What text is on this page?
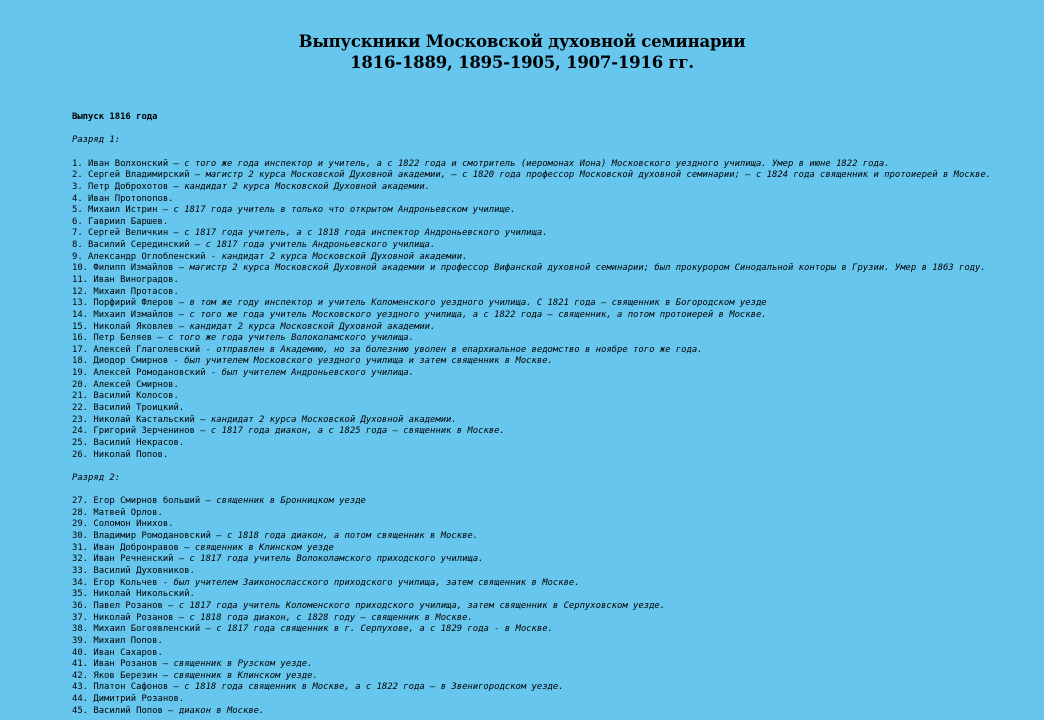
Выпускники Московской духовной семинарии
1816-1889, 1895-1905, 1907-1916 гг.
Выпуск 1816 года
Разряд 1:
1. Иван Волхонский — с того же года инспектор и учитель, а с 1822 года и смотритель (иеромонах Иона) Московского уездного училища. Умер в июне 1822 года.
2. Сергей Владимирский — магистр 2 курса Московской Духовной академии, — с 1820 года профессор Московской духовной семинарии; — с 1824 года священник и протоиерей в Москве.
3. Петр Доброхотов — кандидат 2 курса Московской Духовной академии.
4. Иван Протопопов.
5. Михаил Истрин — с 1817 года учитель в только что открытом Андроньевском училище.
6. Гавриил Баршев.
7. Сергей Величкин — с 1817 года учитель, а с 1818 года инспектор Андроньевского училища.
8. Василий Серединский — с 1817 года учитель Андроньевского училища.
9. Александр Оглобленский - кандидат 2 курса Московской Духовной академии.
10. Филипп Измайлов — магистр 2 курса Московской Духовной академии и профессор Вифанской духовной семинарии; был прокурором Синодальной конторы в Грузии. Умер в 1863 году.
11. Иван Виноградов.
12. Михаил Протасов.
13. Порфирий Флеров — в том же году инспектор и учитель Коломенского уездного училища. С 1821 года — священник в Богородском уезде
14. Михаил Измайлов — с того же года учитель Московского уездного училища, а с 1822 года — священник, а потом протоиерей в Москве.
15. Николай Яковлев — кандидат 2 курса Московской Духовной академии.
16. Петр Беляев — с того же года учитель Волоколамского училища.
17. Алексей Глаголевский - отправлен в Академию, но за болезнию уволен в епархиальное ведомство в ноябре того же года.
18. Диодор Смирнов - был учителем Московского уездного училища и затем священник в Москве.
19. Алексей Ромодановский - был учителем Андроньевского училища.
20. Алексей Смирнов.
21. Василий Колосов.
22. Василий Троицкий.
23. Николай Кастальский — кандидат 2 курса Московской Духовной академии.
24. Григорий Зерченинов — с 1817 года диакон, а с 1825 года — священник в Москве.
25. Василий Некрасов.
26. Николай Попов.
Разряд 2:
27. Егор Смирнов больший — священник в Бронницком уезде
28. Матвей Орлов.
29. Соломон Инихов.
30. Владимир Ромодановский — с 1818 года диакон, а потом священник в Москве.
31. Иван Добронравов — священник в Клинском уезде
32. Иван Речненский — с 1817 года учитель Волоколамского приходского училища.
33. Василий Духовников.
34. Егор Кольчев - был учителем Заиконоспасского приходского училища, затем священник в Москве.
35. Николай Никольский.
36. Павел Розанов — с 1817 года учитель Коломенского приходского училища, затем священник в Серпуховском уезде.
37. Николай Розанов — с 1818 года диакон, с 1828 году — священник в Москве.
38. Михаил Богоявленский — с 1817 года священник в г. Серпухове, а с 1829 года - в Москве.
39. Михаил Попов.
40. Иван Сахаров.
41. Иван Розанов — священник в Рузском уезде.
42. Яков Березин — священник в Клинском уезде.
43. Платон Сафонов — с 1818 года священник в Москве, а с 1822 года — в Звенигородском уезде.
44. Димитрий Розанов.
45. Василий Попов — диакон в Москве.
